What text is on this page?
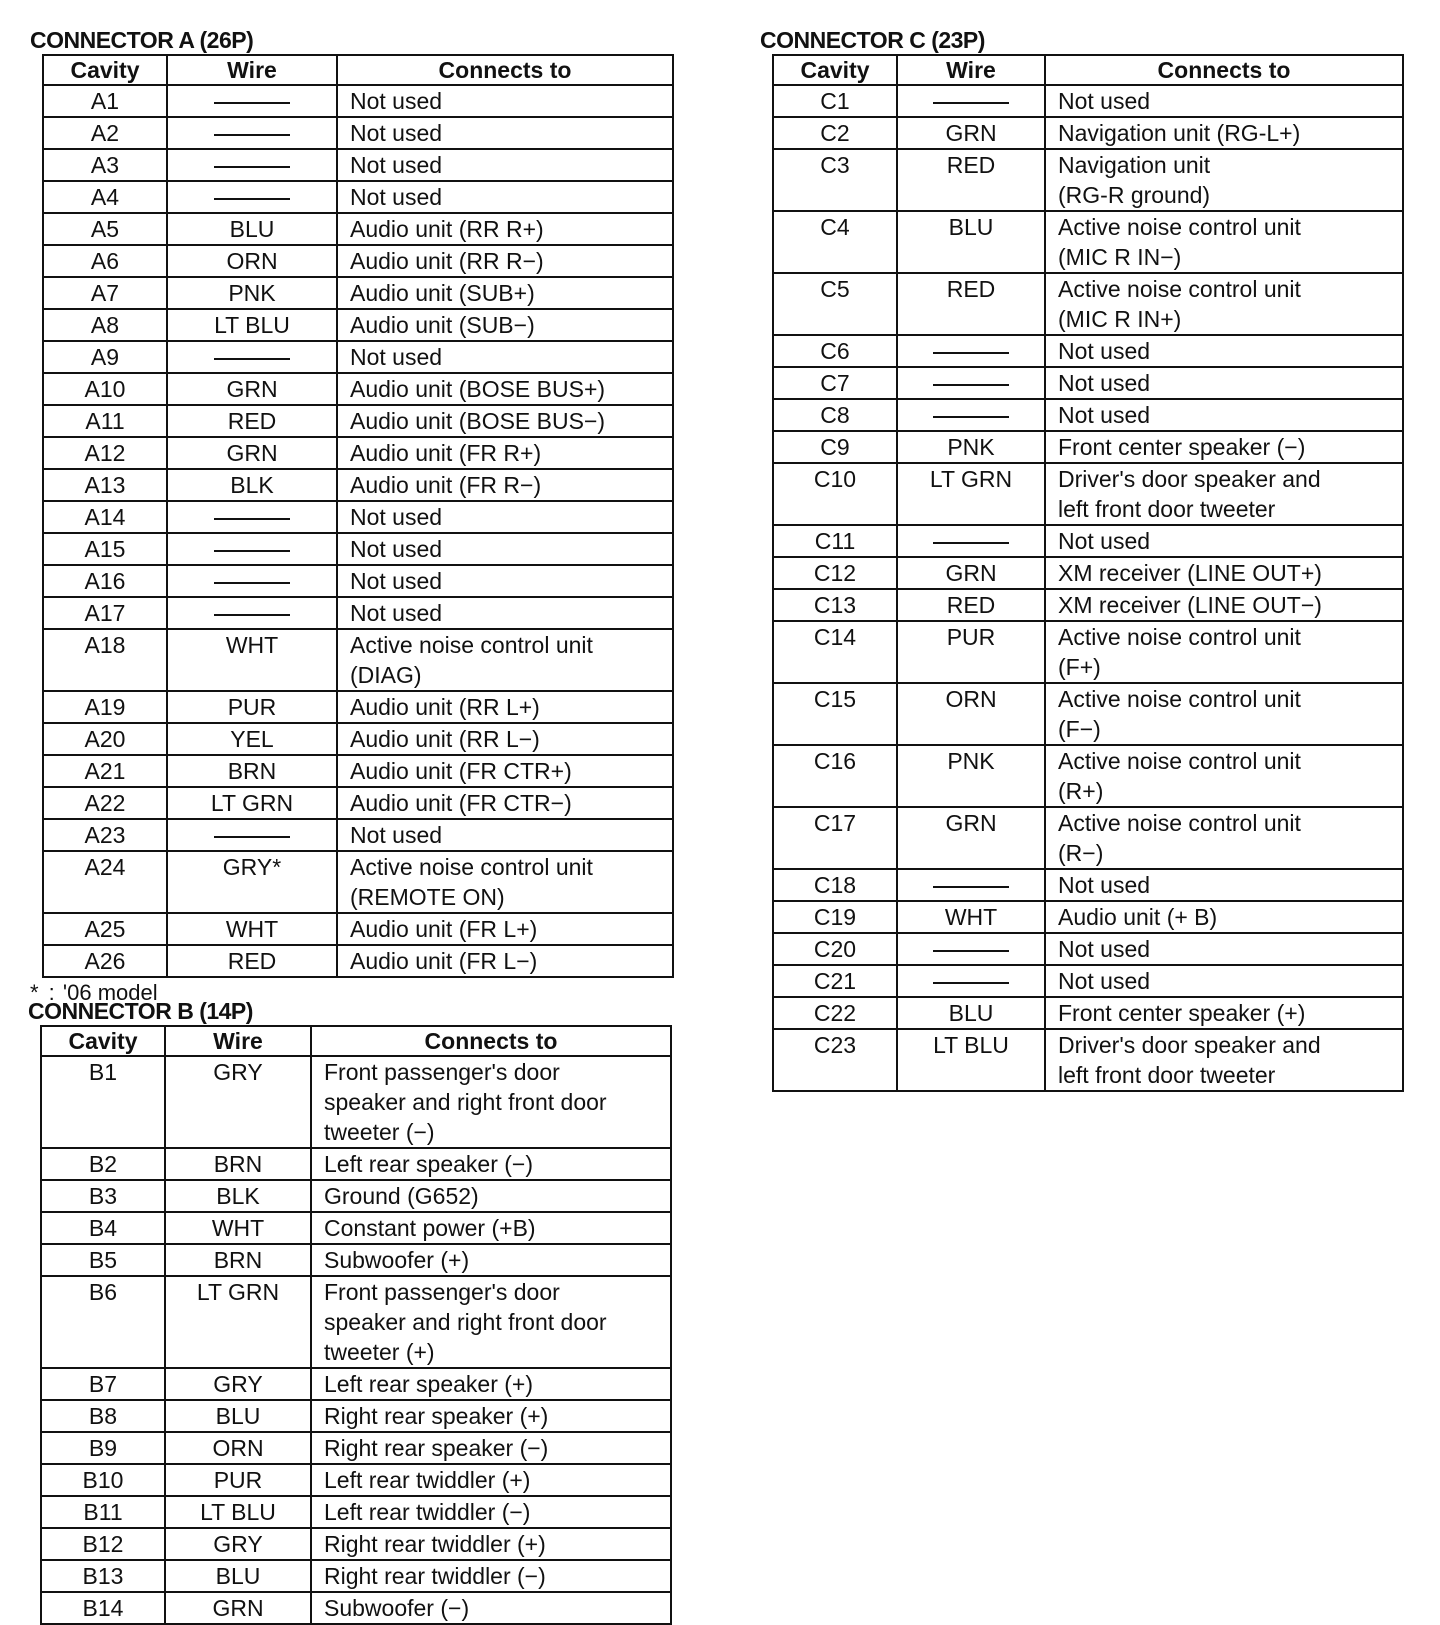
CONNECTOR A (26P)
Cavity	Wire	Connects to
A1		Not used
A2		Not used
A3		Not used
A4		Not used
A5	BLU	Audio unit (RR R+)
A6	ORN	Audio unit (RR R−)
A7	PNK	Audio unit (SUB+)
A8	LT BLU	Audio unit (SUB−)
A9		Not used
A10	GRN	Audio unit (BOSE BUS+)
A11	RED	Audio unit (BOSE BUS−)
A12	GRN	Audio unit (FR R+)
A13	BLK	Audio unit (FR R−)
A14		Not used
A15		Not used
A16		Not used
A17		Not used
A18	WHT	Active noise control unit
(DIAG)
A19	PUR	Audio unit (RR L+)
A20	YEL	Audio unit (RR L−)
A21	BRN	Audio unit (FR CTR+)
A22	LT GRN	Audio unit (FR CTR−)
A23		Not used
A24	GRY*	Active noise control unit
(REMOTE ON)
A25	WHT	Audio unit (FR L+)
A26	RED	Audio unit (FR L−)
* : '06 model
CONNECTOR B (14P)
Cavity	Wire	Connects to
B1	GRY	Front passenger's door
speaker and right front door
tweeter (−)
B2	BRN	Left rear speaker (−)
B3	BLK	Ground (G652)
B4	WHT	Constant power (+B)
B5	BRN	Subwoofer (+)
B6	LT GRN	Front passenger's door
speaker and right front door
tweeter (+)
B7	GRY	Left rear speaker (+)
B8	BLU	Right rear speaker (+)
B9	ORN	Right rear speaker (−)
B10	PUR	Left rear twiddler (+)
B11	LT BLU	Left rear twiddler (−)
B12	GRY	Right rear twiddler (+)
B13	BLU	Right rear twiddler (−)
B14	GRN	Subwoofer (−)
CONNECTOR C (23P)
Cavity	Wire	Connects to
C1		Not used
C2	GRN	Navigation unit (RG-L+)
C3	RED	Navigation unit
(RG-R ground)
C4	BLU	Active noise control unit
(MIC R IN−)
C5	RED	Active noise control unit
(MIC R IN+)
C6		Not used
C7		Not used
C8		Not used
C9	PNK	Front center speaker (−)
C10	LT GRN	Driver's door speaker and
left front door tweeter
C11		Not used
C12	GRN	XM receiver (LINE OUT+)
C13	RED	XM receiver (LINE OUT−)
C14	PUR	Active noise control unit
(F+)
C15	ORN	Active noise control unit
(F−)
C16	PNK	Active noise control unit
(R+)
C17	GRN	Active noise control unit
(R−)
C18		Not used
C19	WHT	Audio unit (+ B)
C20		Not used
C21		Not used
C22	BLU	Front center speaker (+)
C23	LT BLU	Driver's door speaker and
left front door tweeter
